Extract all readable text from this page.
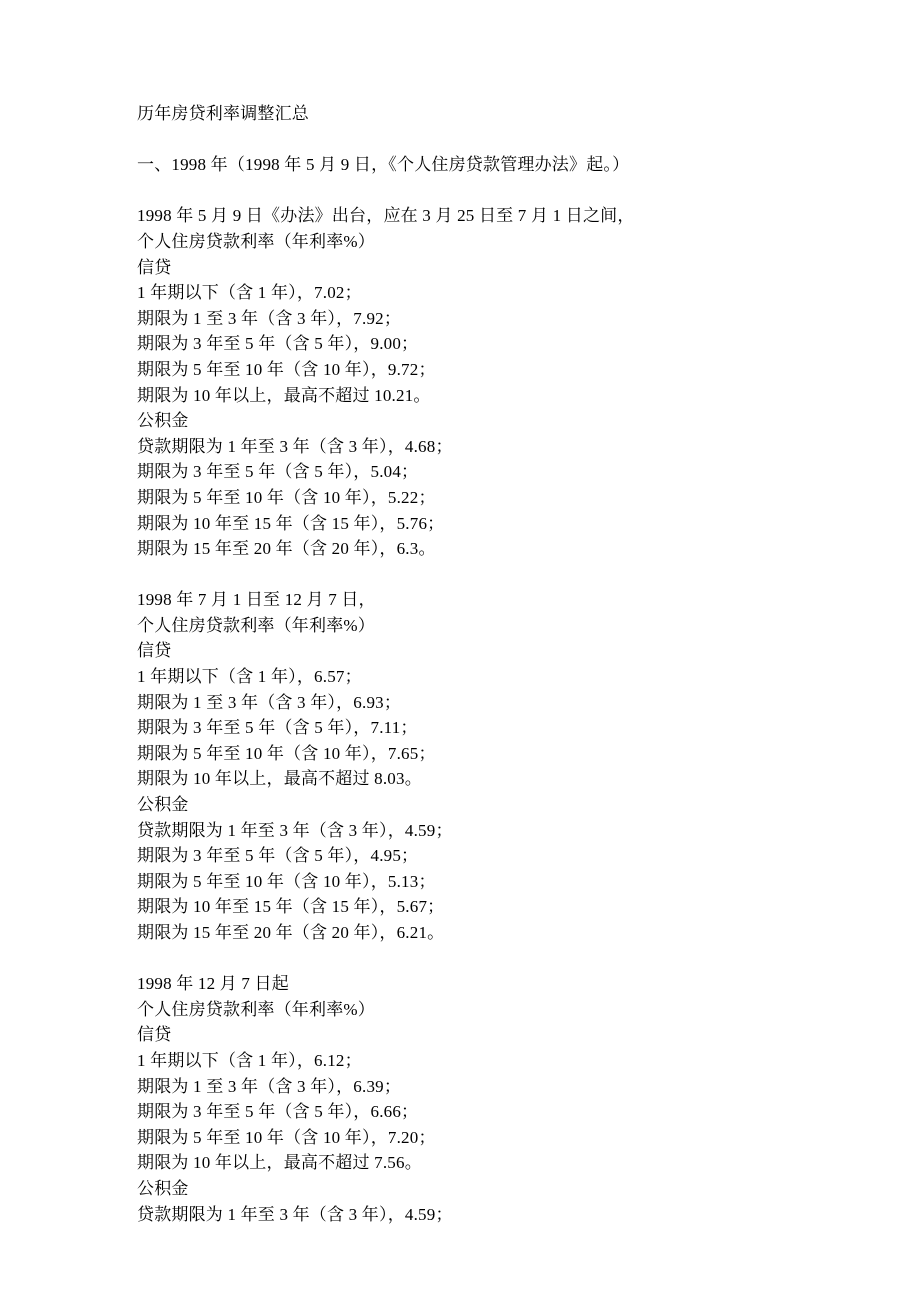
历年房贷利率调整汇总
一、1998 年（1998 年 5 月 9 日，《个人住房贷款管理办法》起。）
1998 年 5 月 9 日《办法》出台，应在 3 月 25 日至 7 月 1 日之间，
个人住房贷款利率（年利率%）
信贷
1 年期以下（含 1 年），7.02；
期限为 1 至 3 年（含 3 年），7.92；
期限为 3 年至 5 年（含 5 年），9.00；
期限为 5 年至 10 年（含 10 年），9.72；
期限为 10 年以上，最高不超过 10.21。
公积金
贷款期限为 1 年至 3 年（含 3 年），4.68；
期限为 3 年至 5 年（含 5 年），5.04；
期限为 5 年至 10 年（含 10 年），5.22；
期限为 10 年至 15 年（含 15 年），5.76；
期限为 15 年至 20 年（含 20 年），6.3。
1998 年 7 月 1 日至 12 月 7 日，
个人住房贷款利率（年利率%）
信贷
1 年期以下（含 1 年），6.57；
期限为 1 至 3 年（含 3 年），6.93；
期限为 3 年至 5 年（含 5 年），7.11；
期限为 5 年至 10 年（含 10 年），7.65；
期限为 10 年以上，最高不超过 8.03。
公积金
贷款期限为 1 年至 3 年（含 3 年），4.59；
期限为 3 年至 5 年（含 5 年），4.95；
期限为 5 年至 10 年（含 10 年），5.13；
期限为 10 年至 15 年（含 15 年），5.67；
期限为 15 年至 20 年（含 20 年），6.21。
1998 年 12 月 7 日起
个人住房贷款利率（年利率%）
信贷
1 年期以下（含 1 年），6.12；
期限为 1 至 3 年（含 3 年），6.39；
期限为 3 年至 5 年（含 5 年），6.66；
期限为 5 年至 10 年（含 10 年），7.20；
期限为 10 年以上，最高不超过 7.56。
公积金
贷款期限为 1 年至 3 年（含 3 年），4.59；
